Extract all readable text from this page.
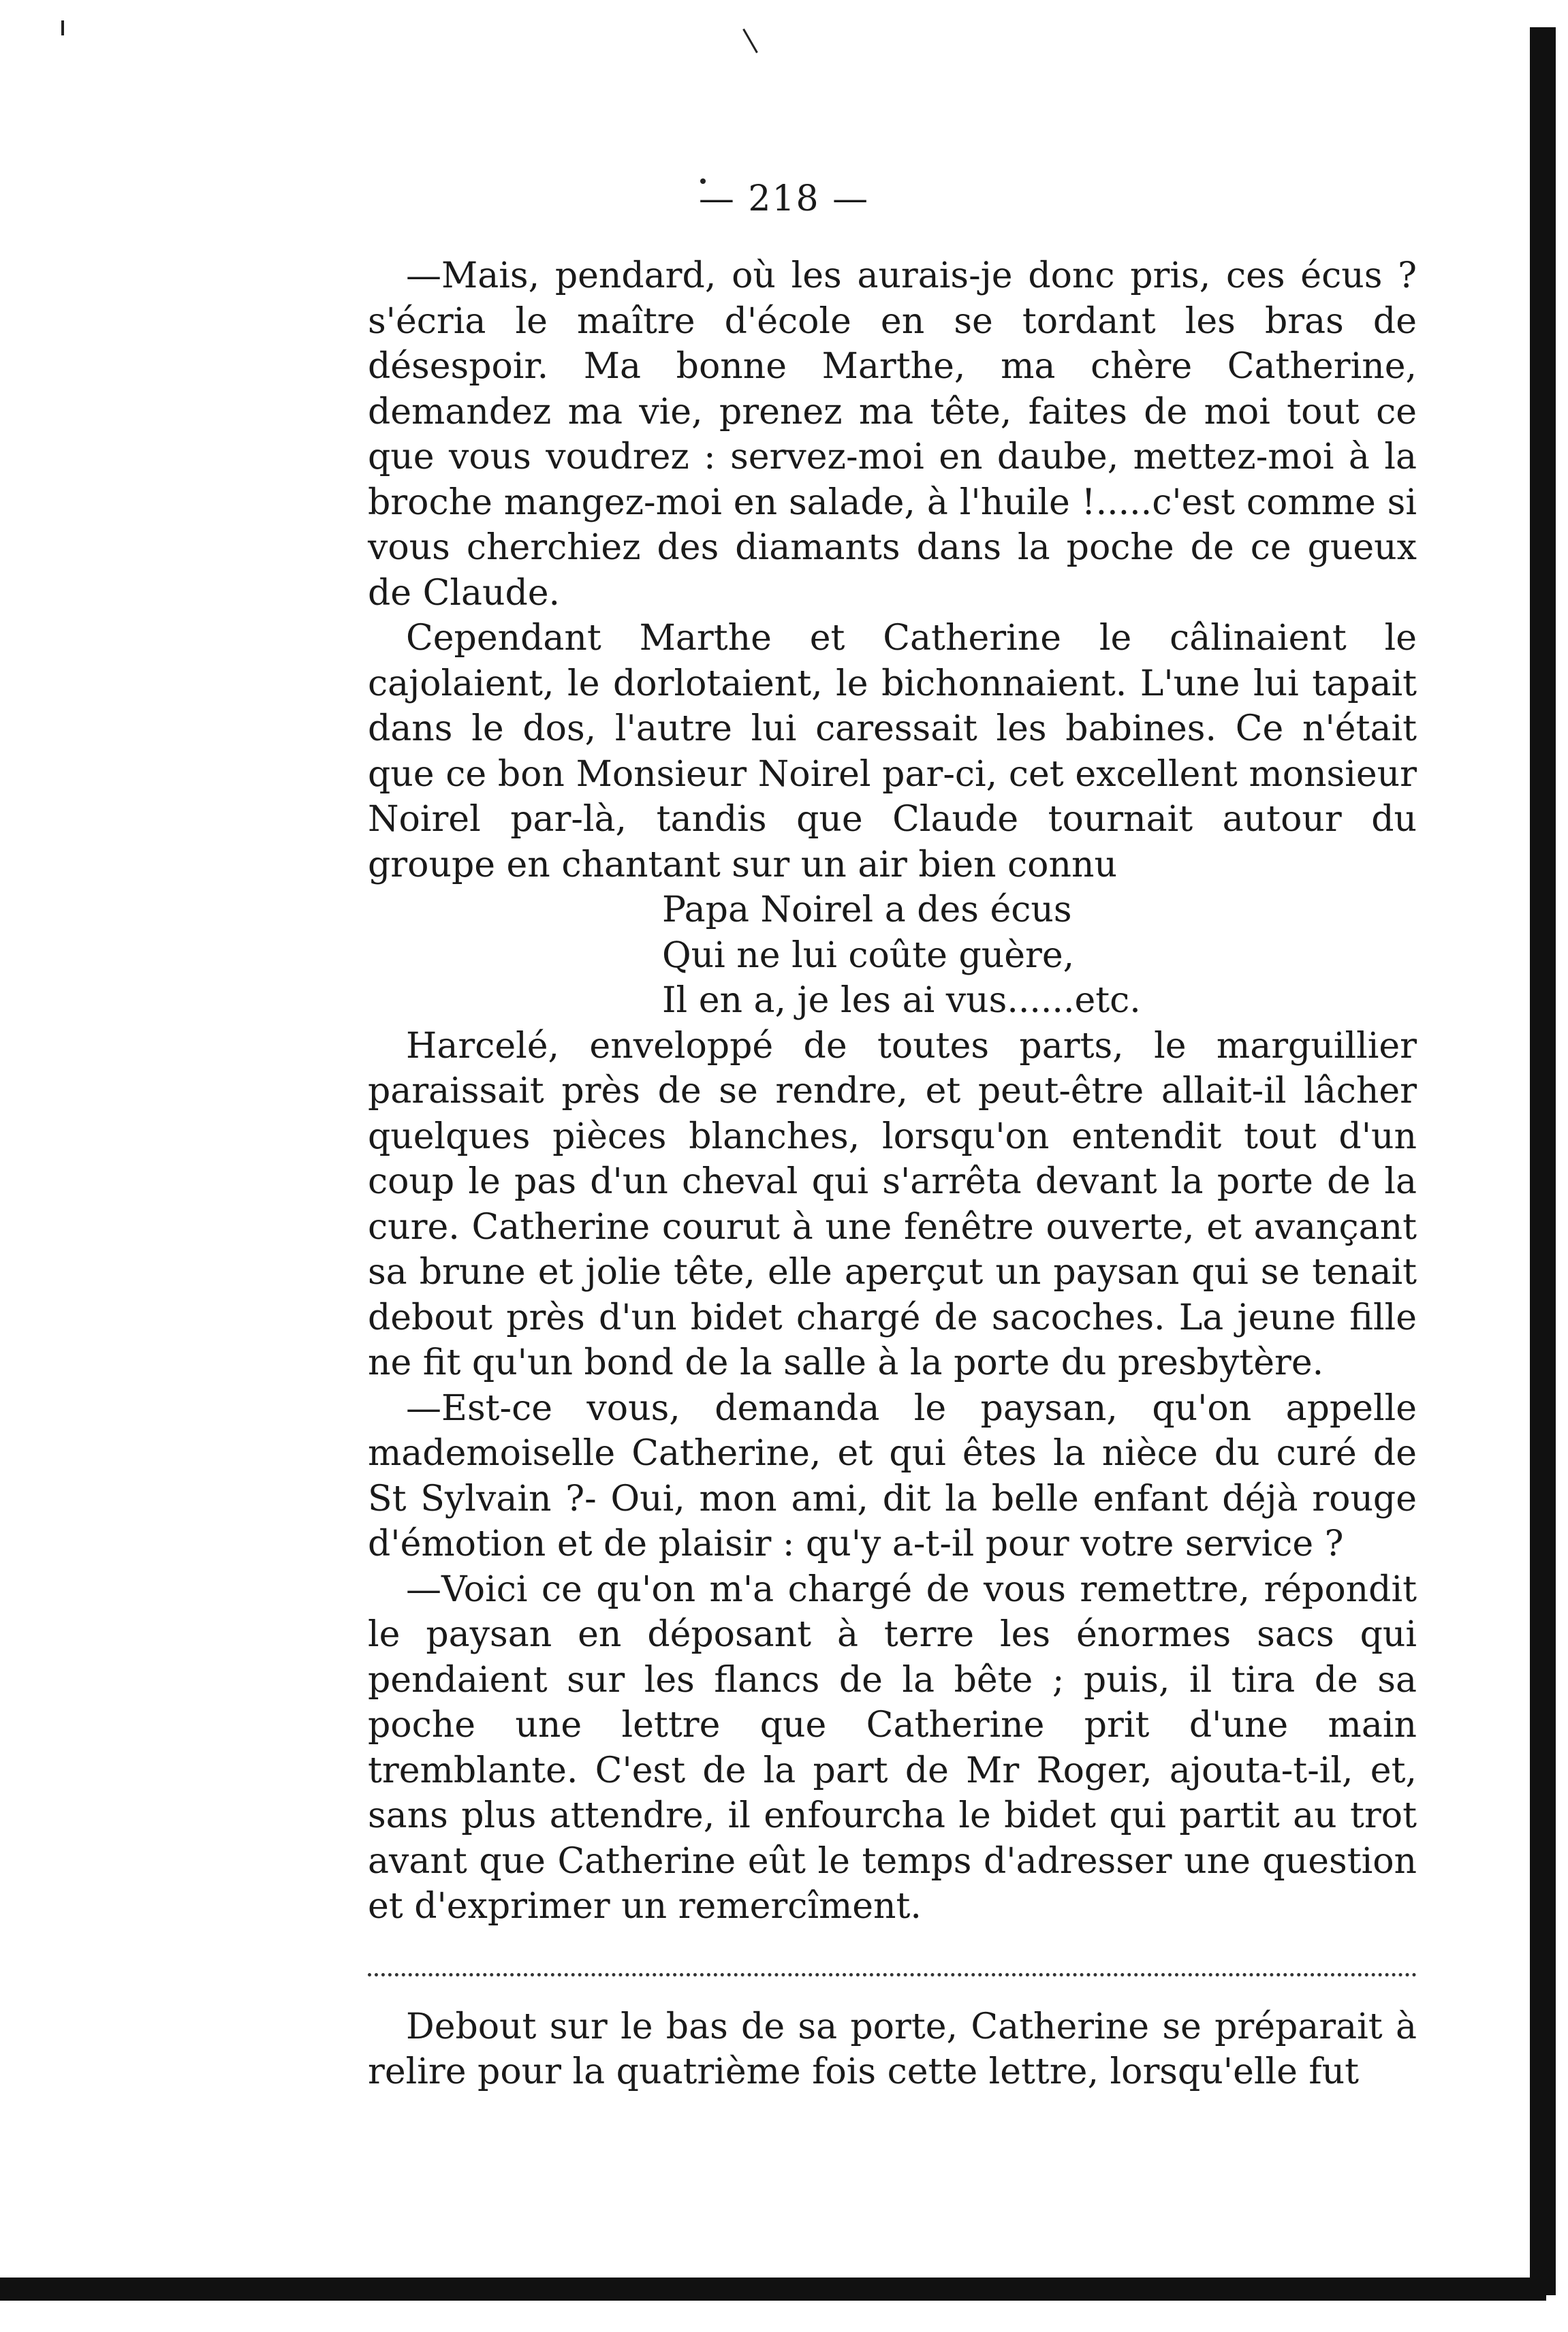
— 218 —

—Mais, pendard, où les aurais-je donc pris, ces écus ? s'écria le maître d'école en se tordant les bras de désespoir. Ma bonne Marthe, ma chère Catherine, demandez ma vie, prenez ma tête, faites de moi tout ce que vous voudrez : servez-moi en daube, mettez-moi à la broche mangez-moi en salade, à l'huile !.....c'est comme si vous cherchiez des diamants dans la poche de ce gueux de Claude.

Cependant Marthe et Catherine le câlinaient le cajolaient, le dorlotaient, le bichonnaient. L'une lui tapait dans le dos, l'autre lui caressait les babines. Ce n'était que ce bon Monsieur Noirel par-ci, cet excellent monsieur Noirel par-là, tandis que Claude tournait autour du groupe en chantant sur un air bien connu

Papa Noirel a des écus

Qui ne lui coûte guère,

Il en a, je les ai vus......etc.

Harcelé, enveloppé de toutes parts, le marguillier paraissait près de se rendre, et peut-être allait-il lâcher quelques pièces blanches, lorsqu'on entendit tout d'un coup le pas d'un cheval qui s'arrêta devant la porte de la cure. Catherine courut à une fenêtre ouverte, et avançant sa brune et jolie tête, elle aperçut un paysan qui se tenait debout près d'un bidet chargé de sacoches. La jeune fille ne fit qu'un bond de la salle à la porte du presbytère.

—Est-ce vous, demanda le paysan, qu'on appelle mademoiselle Catherine, et qui êtes la nièce du curé de St Sylvain ?- Oui, mon ami, dit la belle enfant déjà rouge d'émotion et de plaisir : qu'y a-t-il pour votre service ?

—Voici ce qu'on m'a chargé de vous remettre, répondit le paysan en déposant à terre les énormes sacs qui pendaient sur les flancs de la bête ; puis, il tira de sa poche une lettre que Catherine prit d'une main tremblante. C'est de la part de Mr Roger, ajouta-t-il, et, sans plus attendre, il enfourcha le bidet qui partit au trot avant que Catherine eût le temps d'adresser une question et d'exprimer un remercîment.

Debout sur le bas de sa porte, Catherine se préparait à relire pour la quatrième fois cette lettre, lorsqu'elle fut
